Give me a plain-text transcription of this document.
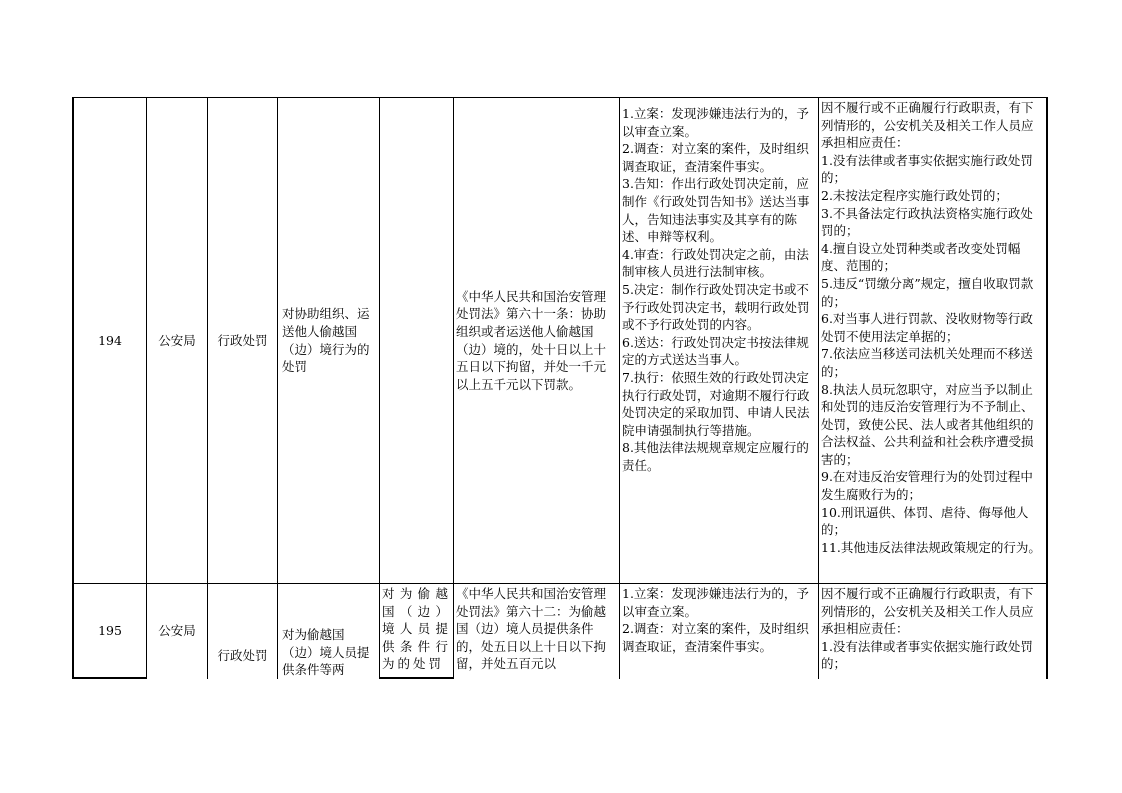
194	公安局 行政处罚
对协助组织、运送他人偷越国（边）境行为的处罚
《中华人民共和国治安管理处罚法》第六十一条：协助组织或者运送他人偷越国（边）境的，处十日以上十五日以下拘留，并处一千元以上五千元以下罚款。
1.立案：发现涉嫌违法行为的，予以审查立案。
2.调查：对立案的案件，及时组织调查取证，查清案件事实。
3.告知：作出行政处罚决定前，应制作《行政处罚告知书》送达当事人，告知违法事实及其享有的陈述、申辩等权利。
4.审查：行政处罚决定之前，由法制审核人员进行法制审核。
5.决定：制作行政处罚决定书或不予行政处罚决定书，载明行政处罚或不予行政处罚的内容。
6.送达：行政处罚决定书按法律规定的方式送达当事人。
7.执行：依照生效的行政处罚决定执行行政处罚，对逾期不履行行政处罚决定的采取加罚、申请人民法院申请强制执行等措施。
8.其他法律法规规章规定应履行的责任。
因不履行或不正确履行行政职责，有下列情形的，公安机关及相关工作人员应承担相应责任：
1.没有法律或者事实依据实施行政处罚的；
2.未按法定程序实施行政处罚的；
3.不具备法定行政执法资格实施行政处罚的；
4.擅自设立处罚种类或者改变处罚幅度、范围的；
5.违反“罚缴分离”规定，擅自收取罚款的；
6.对当事人进行罚款、没收财物等行政处罚不使用法定单据的；
7.依法应当移送司法机关处理而不移送的；
8.执法人员玩忽职守，对应当予以制止和处罚的违反治安管理行为不予制止、处罚，致使公民、法人或者其他组织的合法权益、公共利益和社会秩序遭受损害的；
9.在对违反治安管理行为的处罚过程中发生腐败行为的；
10.刑讯逼供、体罚、虐待、侮辱他人的；
11.其他违反法律法规政策规定的行为。
195	公安局
行政处罚
对为偷越国（边）境人员提供条件等两
对为偷越国（边）境人员提供条件行为的处罚
《中华人民共和国治安管理处罚法》第六十二：为偷越国（边）境人员提供条件的，处五日以上十日以下拘留，并处五百元以
1.立案：发现涉嫌违法行为的，予以审查立案。
2.调查：对立案的案件，及时组织调查取证，查清案件事实。
因不履行或不正确履行行政职责，有下列情形的，公安机关及相关工作人员应承担相应责任：
1.没有法律或者事实依据实施行政处罚的；
